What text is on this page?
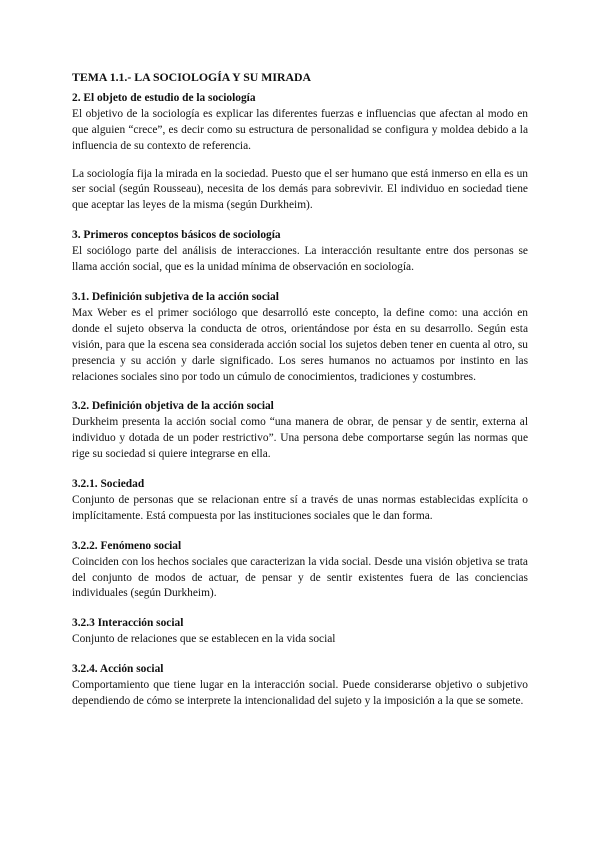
TEMA 1.1.- LA SOCIOLOGÍA Y SU MIRADA

2. El objeto de estudio de la sociología

El objetivo de la sociología es explicar las diferentes fuerzas e influencias que afectan al modo en que alguien “crece”, es decir como su estructura de personalidad se configura y moldea debido a la influencia de su contexto de referencia.

La sociología fija la mirada en la sociedad. Puesto que el ser humano que está inmerso en ella es un ser social (según Rousseau), necesita de los demás para sobrevivir. El individuo en sociedad tiene que aceptar las leyes de la misma (según Durkheim).

3. Primeros conceptos básicos de sociología

El sociólogo parte del análisis de interacciones. La interacción resultante entre dos personas se llama acción social, que es la unidad mínima de observación en sociología.

3.1. Definición subjetiva de la acción social

Max Weber es el primer sociólogo que desarrolló este concepto, la define como: una acción en donde el sujeto observa la conducta de otros, orientándose por ésta en su desarrollo. Según esta visión, para que la escena sea considerada acción social los sujetos deben tener en cuenta al otro, su presencia y su acción y darle significado. Los seres humanos no actuamos por instinto en las relaciones sociales sino por todo un cúmulo de conocimientos, tradiciones y costumbres.

3.2. Definición objetiva de la acción social

Durkheim presenta la acción social como “una manera de obrar, de pensar y de sentir, externa al individuo y dotada de un poder restrictivo”. Una persona debe comportarse según las normas que rige su sociedad si quiere integrarse en ella.

3.2.1. Sociedad

Conjunto de personas que se relacionan entre sí a través de unas normas establecidas explícita o implícitamente. Está compuesta por las instituciones sociales que le dan forma.

3.2.2. Fenómeno social

Coinciden con los hechos sociales que caracterizan la vida social. Desde una visión objetiva se trata del conjunto de modos de actuar, de pensar y de sentir existentes fuera de las conciencias individuales (según Durkheim).

3.2.3 Interacción social

Conjunto de relaciones que se establecen en la vida social

3.2.4. Acción social

Comportamiento que tiene lugar en la interacción social. Puede considerarse objetivo o subjetivo dependiendo de cómo se interprete la intencionalidad del sujeto y la imposición a la que se somete.
